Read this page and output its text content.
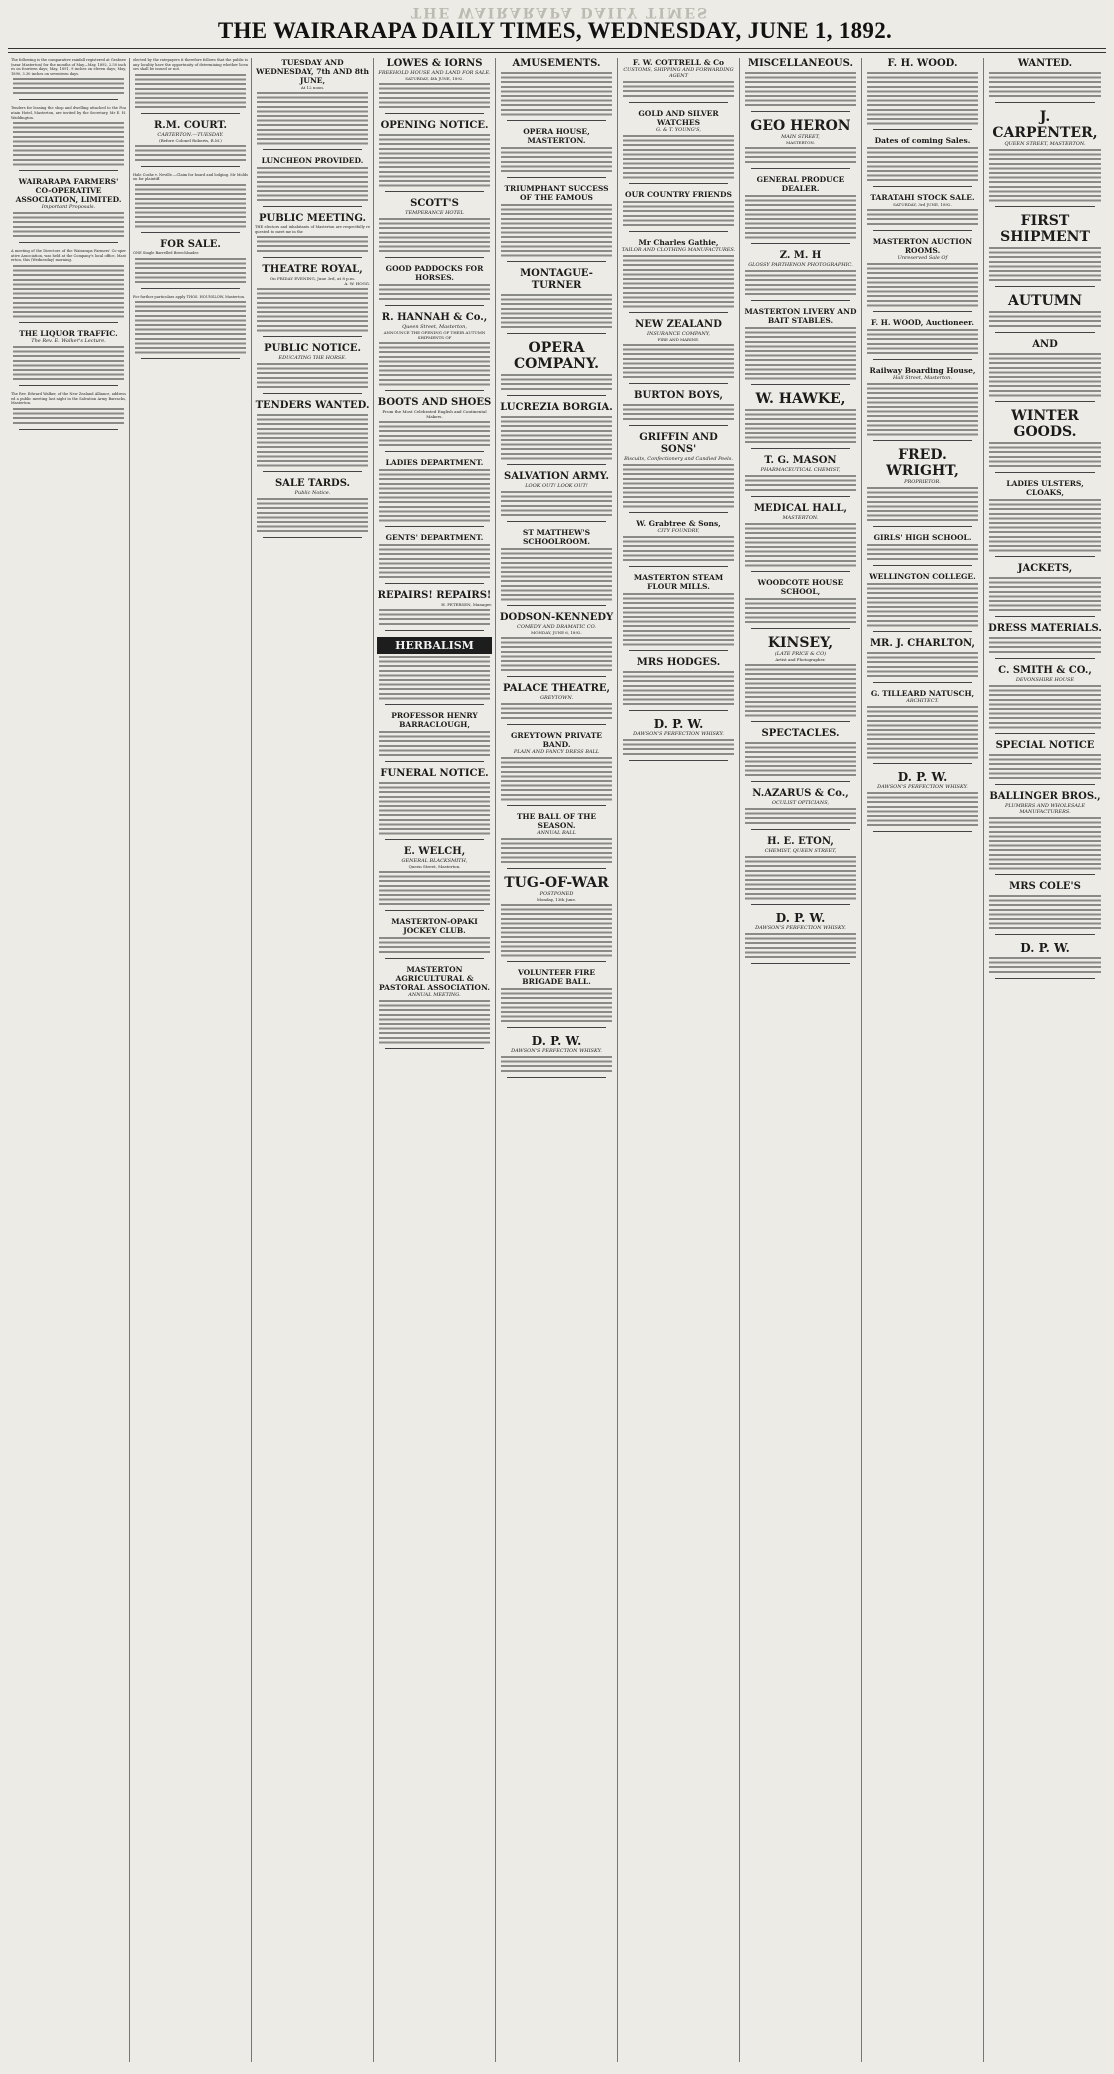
THE WAIRARAPA DAILY TIMES
THE WAIRARAPA DAILY TIMES, WEDNESDAY, JUNE 1, 1892.
The following is the comparative rainfall registered at Grabsee (near Masterton) for the months of May—May, 1892, 2.50 inches on fourteen days; May, 1891, 9 inches on eleven days; May, 1890, 3.30 inches on seventeen days.
Tenders for leasing the shop and dwelling attached to the Fountain Hotel, Masterton, are invited by the Secretary, Mr E. H. Waddington.
WAIRARAPA FARMERS' CO-OPERATIVE ASSOCIATION, LIMITED.
Important Proposals.
A meeting of the Directors of the Wairarapa Farmers' Co-operative Association, was held at the Company's local office, Masterton, this (Wednesday) morning.
THE LIQUOR TRAFFIC.
The Rev. E. Walker's Lecture.
The Rev. Edward Walker, of the New Zealand Alliance, addressed a public meeting last night in the Salvation Army Barracks, Masterton.
elected by the ratepayers it therefore follows that the public is any locality have the opportunity of determining whether licenses shall be issued or not.
R.M. COURT.
CARTERTON.—TUESDAY.
(Before Colonel Roberts, R.M.)
Hale Coshe v. Neville.—Claim for board and lodging. Mr Moldson for plaintiff.
FOR SALE.
ONE Single Barrelled Breechloader.
For further particulars apply THOS. HOUNSLOW, Masterton.
TUESDAY AND WEDNESDAY, 7th AND 8th JUNE,
At 12 noon.
LUNCHEON PROVIDED.
PUBLIC MEETING.
THE electors and inhabitants of Masterton are respectfully requested to meet me in the
THEATRE ROYAL,
On FRIDAY EVENING, June 3rd, at 8 p.m.
A. W. HOGG.
PUBLIC NOTICE.
EDUCATING THE HORSE.
TENDERS WANTED.
SALE TARDS.
Public Notice.
LOWES & IORNS
FREEHOLD HOUSE AND LAND FOR SALE.
SATURDAY, 4th JUNE, 1892.
OPENING NOTICE.
SCOTT'S
TEMPERANCE HOTEL
GOOD PADDOCKS FOR HORSES.
R. HANNAH & Co.,
Queen Street, Masterton,
ANNOUNCE THE OPENING OF THEIR AUTUMN SHIPMENTS OF
BOOTS AND SHOES
From the Most Celebrated English and Continental Makers.
LADIES DEPARTMENT.
GENTS' DEPARTMENT.
REPAIRS! REPAIRS!
H. PETERSEN, Manager.
HERBALISM
PROFESSOR HENRY BARRACLOUGH,
FUNERAL NOTICE.
E. WELCH,
GENERAL BLACKSMITH,
Queen Street, Masterton.
MASTERTON-OPAKI JOCKEY CLUB.
MASTERTON AGRICULTURAL & PASTORAL ASSOCIATION.
ANNUAL MEETING.
AMUSEMENTS.
OPERA HOUSE, MASTERTON.
TRIUMPHANT SUCCESS OF THE FAMOUS
MONTAGUE-TURNER
OPERA COMPANY.
LUCREZIA BORGIA.
SALVATION ARMY.
LOOK OUT! LOOK OUT!
ST MATTHEW'S SCHOOLROOM.
DODSON-KENNEDY
COMEDY AND DRAMATIC CO.
MONDAY, JUNE 6, 1892.
PALACE THEATRE,
GREYTOWN.
GREYTOWN PRIVATE BAND.
PLAIN AND FANCY DRESS BALL
THE BALL OF THE SEASON.
ANNUAL BALL
TUG-OF-WAR
POSTPONED
Monday, 13th June.
VOLUNTEER FIRE BRIGADE BALL.
D. P. W.
DAWSON'S PERFECTION WHISKY.
F. W. COTTRELL & Co
CUSTOMS, SHIPPING AND FORWARDING AGENT
GOLD AND SILVER WATCHES
G. & T. YOUNG'S,
OUR COUNTRY FRIENDS
Mr Charles Gathie,
TAILOR AND CLOTHING MANUFACTURES.
NEW ZEALAND
INSURANCE COMPANY,
FIRE AND MARINE.
BURTON BOYS,
GRIFFIN AND SONS'
Biscuits, Confectionery and Candied Peels.
W. Grabtree & Sons,
CITY FOUNDRY,
MASTERTON STEAM FLOUR MILLS.
MRS HODGES.
D. P. W.
DAWSON'S PERFECTION WHISKY.
MISCELLANEOUS.
GEO HERON
MAIN STREET,
MASTERTON.
GENERAL PRODUCE DEALER.
Z. M. H
GLOSSY PARTHENON PHOTOGRAPHIC.
MASTERTON LIVERY AND BAIT STABLES.
W. HAWKE,
T. G. MASON
PHARMACEUTICAL CHEMIST,
MEDICAL HALL,
MASTERTON.
WOODCOTE HOUSE SCHOOL,
KINSEY,
(LATE PRICE & CO)
Artist and Photographer.
SPECTACLES.
N.AZARUS & Co.,
OCULIST OPTICIANS,
H. E. ETON,
CHEMIST, QUEEN STREET,
D. P. W.
DAWSON'S PERFECTION WHISKY.
F. H. WOOD.
Dates of coming Sales.
TARATAHI STOCK SALE.
SATURDAY, 3rd JUNE, 1892.
MASTERTON AUCTION ROOMS.
Unreserved Sale Of
F. H. WOOD, Auctioneer.
Railway Boarding House,
Hall Street, Masterton.
FRED. WRIGHT,
PROPRIETOR.
GIRLS' HIGH SCHOOL.
WELLINGTON COLLEGE.
MR. J. CHARLTON,
G. TILLEARD NATUSCH,
ARCHITECT.
D. P. W.
DAWSON'S PERFECTION WHISKY.
WANTED.
J. CARPENTER,
QUEEN STREET, MASTERTON.
FIRST SHIPMENT
AUTUMN
AND
WINTER GOODS.
LADIES ULSTERS, CLOAKS,
JACKETS,
DRESS MATERIALS.
C. SMITH & CO.,
DEVONSHIRE HOUSE
SPECIAL NOTICE
BALLINGER BROS.,
PLUMBERS AND WHOLESALE MANUFACTURERS.
MRS COLE'S
D. P. W.
